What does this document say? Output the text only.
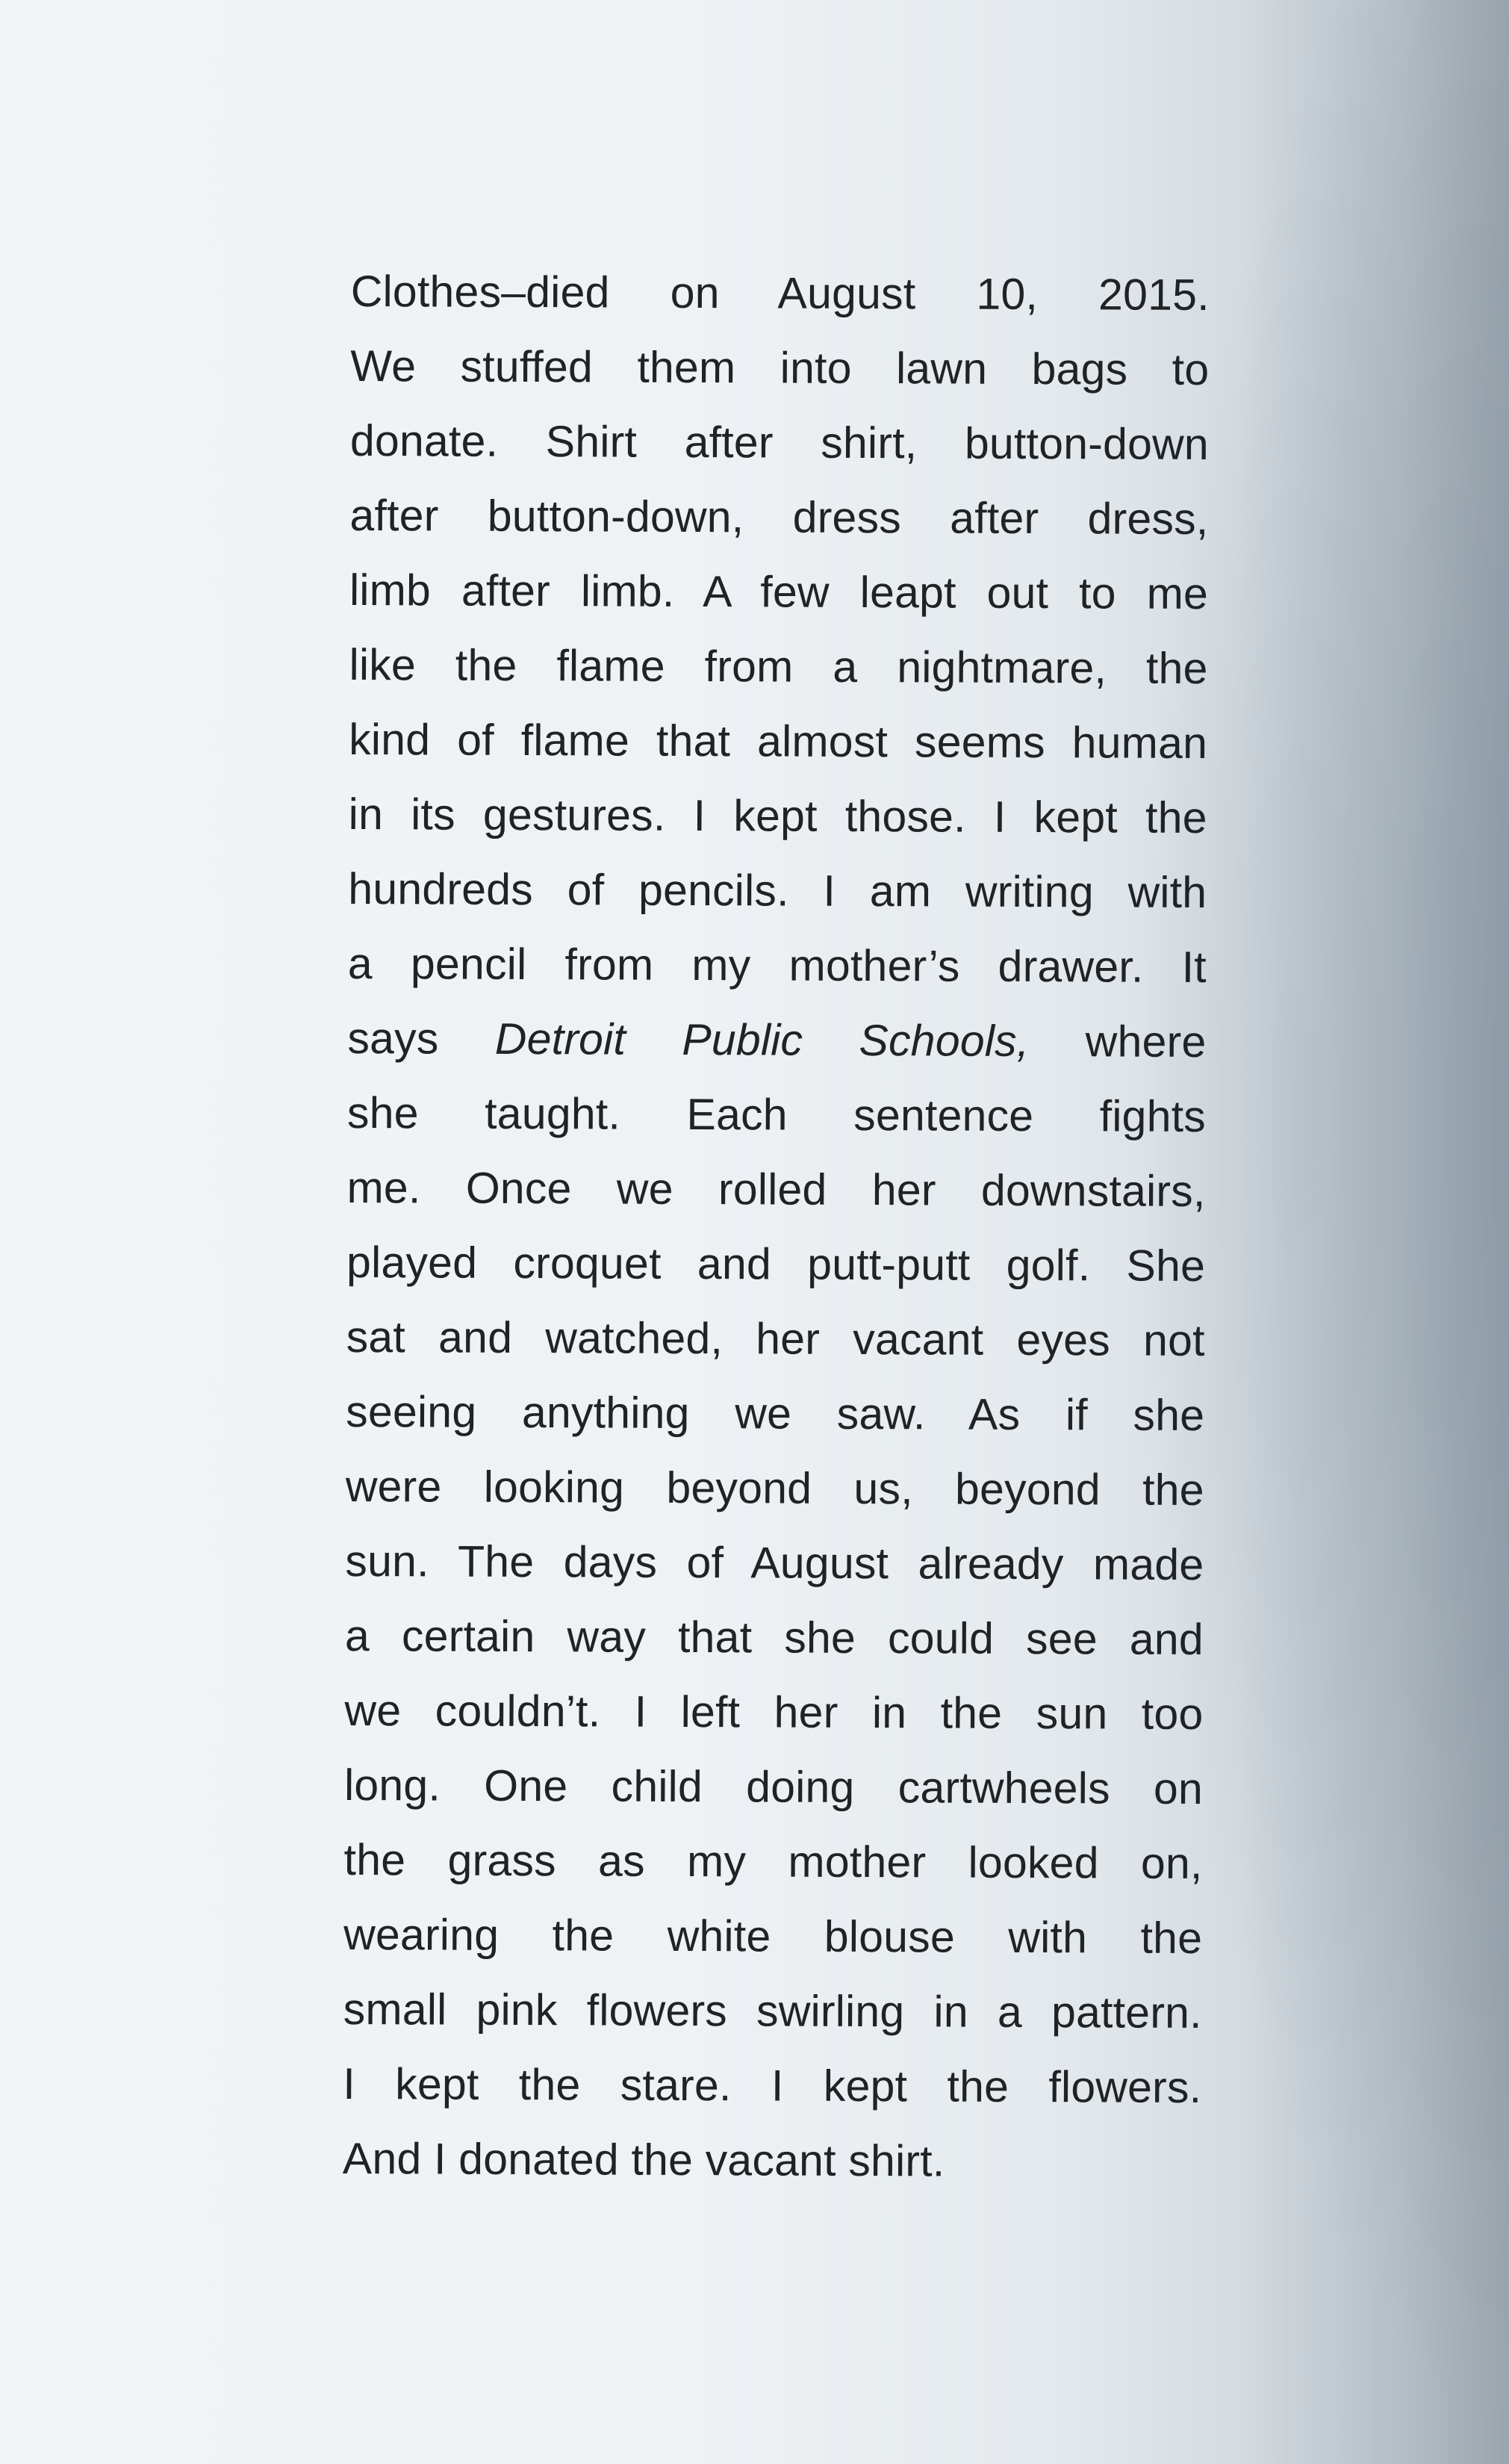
Clothes–died on August 10, 2015.
We stuffed them into lawn bags to
donate. Shirt after shirt, button-down
after button-down, dress after dress,
limb after limb. A few leapt out to me
like the flame from a nightmare, the
kind of flame that almost seems human
in its gestures. I kept those. I kept the
hundreds of pencils. I am writing with
a pencil from my mother’s drawer. It
says Detroit Public Schools, where
she taught. Each sentence fights
me. Once we rolled her downstairs,
played croquet and putt-putt golf. She
sat and watched, her vacant eyes not
seeing anything we saw. As if she
were looking beyond us, beyond the
sun. The days of August already made
a certain way that she could see and
we couldn’t. I left her in the sun too
long. One child doing cartwheels on
the grass as my mother looked on,
wearing the white blouse with the
small pink flowers swirling in a pattern.
I kept the stare. I kept the flowers.
And I donated the vacant shirt.
